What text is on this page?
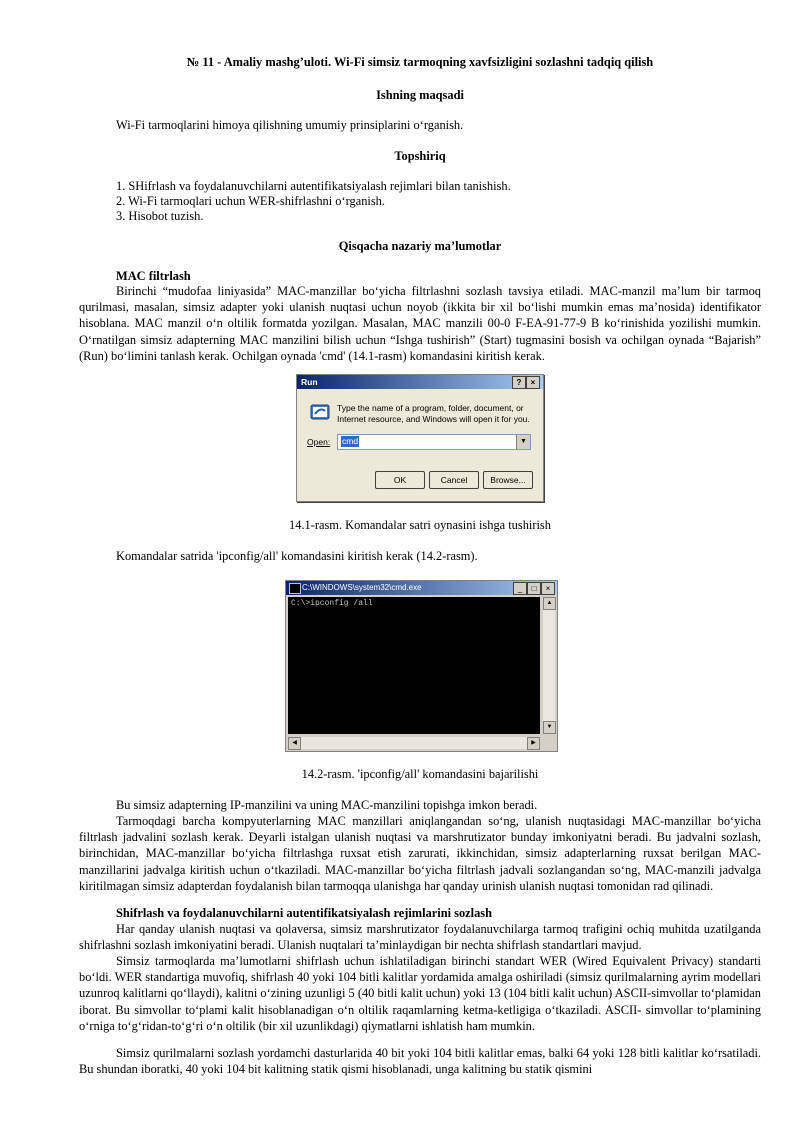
№ 11 - Amaliy mashg’uloti. Wi-Fi simsiz tarmoqning xavfsizligini sozlashni tadqiq qilish
Ishning maqsadi
Wi-Fi tarmoqlarini himoya qilishning umumiy prinsiplarini o‘rganish.
Topshiriq
1. SHifrlash va foydalanuvchilarni autentifikatsiyalash rejimlari bilan tanishish.
2. Wi-Fi tarmoqlari uchun WER-shifrlashni o‘rganish.
3. Hisobot tuzish.
Qisqacha nazariy ma’lumotlar
MAC filtrlash
Birinchi “mudofaa liniyasida” MAC-manzillar bo‘yicha filtrlashni sozlash tavsiya etiladi. MAC-manzil ma’lum bir tarmoq qurilmasi, masalan, simsiz adapter yoki ulanish nuqtasi uchun noyob (ikkita bir xil bo‘lishi mumkin emas ma’nosida) identifikator hisoblana. MAC manzil o‘n oltilik formatda yozilgan. Masalan, MAC manzili 00-0 F-EA-91-77-9 B ko‘rinishida yozilishi mumkin. O‘rnatilgan simsiz adapterning MAC manzilini bilish uchun “Ishga tushirish” (Start) tugmasini bosish va ochilgan oynada “Bajarish” (Run) bo‘limini tanlash kerak. Ochilgan oynada 'cmd' (14.1-rasm) komandasini kiritish kerak.
Run	?	×
Type the name of a program, folder, document, or Internet resource, and Windows will open it for you.
Open: cmd	▼
OK	Cancel	Browse...
14.1-rasm. Komandalar satri oynasini ishga tushirish
Komandalar satrida 'ipconfig/all' komandasini kiritish kerak (14.2-rasm).
C:\WINDOWS\system32\cmd.exe	_	□	×
C:\>ipconfig /all	▲
▼
◀	▶
14.2-rasm. 'ipconfig/all' komandasini bajarilishi
Bu simsiz adapterning IP-manzilini va uning MAC-manzilini topishga imkon beradi.
Tarmoqdagi barcha kompyuterlarning MAC manzillari aniqlangandan so‘ng, ulanish nuqtasidagi MAC-manzillar bo‘yicha filtrlash jadvalini sozlash kerak. Deyarli istalgan ulanish nuqtasi va marshrutizator bunday imkoniyatni beradi. Bu jadvalni sozlash, birinchidan, MAC-manzillar bo‘yicha filtrlashga ruxsat etish zarurati, ikkinchidan, simsiz adapterlarning ruxsat berilgan MAC-manzillarini jadvalga kiritish uchun o‘tkaziladi. MAC-manzillar bo‘yicha filtrlash jadvali sozlangandan so‘ng, MAC-manzili jadvalga kiritilmagan simsiz adapterdan foydalanish bilan tarmoqqa ulanishga har qanday urinish ulanish nuqtasi tomonidan rad qilinadi.
Shifrlash va foydalanuvchilarni autentifikatsiyalash rejimlarini sozlash
Har qanday ulanish nuqtasi va qolaversa, simsiz marshrutizator foydalanuvchilarga tarmoq trafigini ochiq muhitda uzatilganda shifrlashni sozlash imkoniyatini beradi. Ulanish nuqtalari ta’minlaydigan bir nechta shifrlash standartlari mavjud.
Simsiz tarmoqlarda ma’lumotlarni shifrlash uchun ishlatiladigan birinchi standart WER (Wired Equivalent Privacy) standarti bo‘ldi. WER standartiga muvofiq, shifrlash 40 yoki 104 bitli kalitlar yordamida amalga oshiriladi (simsiz qurilmalarning ayrim modellari uzunroq kalitlarni qo‘llaydi), kalitni o‘zining uzunligi 5 (40 bitli kalit uchun) yoki 13 (104 bitli kalit uchun) ASCII-simvollar to‘plamidan iborat. Bu simvollar to‘plami kalit hisoblanadigan o‘n oltilik raqamlarning ketma-ketligiga o‘tkaziladi. ASCII- simvollar to‘plamining o‘rniga to‘g‘ridan-to‘g‘ri o‘n oltilik (bir xil uzunlikdagi) qiymatlarni ishlatish ham mumkin.
Simsiz qurilmalarni sozlash yordamchi dasturlarida 40 bit yoki 104 bitli kalitlar emas, balki 64 yoki 128 bitli kalitlar ko‘rsatiladi. Bu shundan iboratki, 40 yoki 104 bit kalitning statik qismi hisoblanadi, unga kalitning bu statik qismini
